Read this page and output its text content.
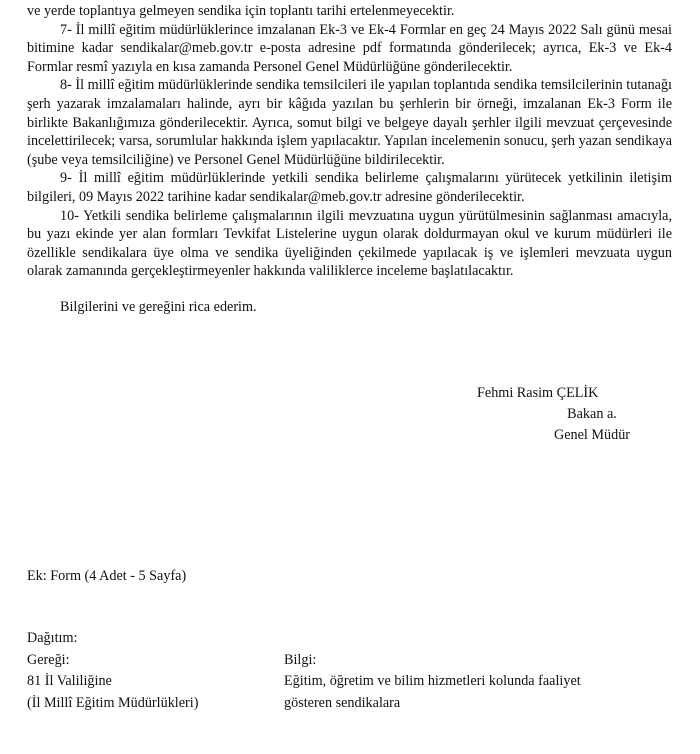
ve yerde toplantıya gelmeyen sendika için toplantı tarihi ertelenmeyecektir.

7- İl millî eğitim müdürlüklerince imzalanan Ek-3 ve Ek-4 Formlar en geç 24 Mayıs 2022 Salı günü mesai bitimine kadar sendikalar@meb.gov.tr e-posta adresine pdf formatında gönderilecek; ayrıca, Ek-3 ve Ek-4 Formlar resmî yazıyla en kısa zamanda Personel Genel Müdürlüğüne gönderilecektir.

8- İl millî eğitim müdürlüklerinde sendika temsilcileri ile yapılan toplantıda sendika temsilcilerinin tutanağı şerh yazarak imzalamaları halinde, ayrı bir kâğıda yazılan bu şerhlerin bir örneği, imzalanan Ek-3 Form ile birlikte Bakanlığımıza gönderilecektir. Ayrıca, somut bilgi ve belgeye dayalı şerhler ilgili mevzuat çerçevesinde incelettirilecek; varsa, sorumlular hakkında işlem yapılacaktır. Yapılan incelemenin sonucu, şerh yazan sendikaya (şube veya temsilciliğine) ve Personel Genel Müdürlüğüne bildirilecektir.

9- İl millî eğitim müdürlüklerinde yetkili sendika belirleme çalışmalarını yürütecek yetkilinin iletişim bilgileri, 09 Mayıs 2022 tarihine kadar sendikalar@meb.gov.tr adresine gönderilecektir.

10- Yetkili sendika belirleme çalışmalarının ilgili mevzuatına uygun yürütülmesinin sağlanması amacıyla, bu yazı ekinde yer alan formları Tevkifat Listelerine uygun olarak doldurmayan okul ve kurum müdürleri ile özellikle sendikalara üye olma ve sendika üyeliğinden çekilmede yapılacak iş ve işlemleri mevzuata uygun olarak zamanında gerçekleştirmeyenler hakkında valiliklerce inceleme başlatılacaktır.

Bilgilerini ve gereğini rica ederim.

Fehmi Rasim ÇELİK
Bakan a.
Genel Müdür
Ek: Form (4 Adet - 5 Sayfa)
Dağıtım:
Gereği:
81 İl Valiliğine
(İl Millî Eğitim Müdürlükleri)
Bilgi:
Eğitim, öğretim ve bilim hizmetleri kolunda faaliyet
gösteren sendikalara
